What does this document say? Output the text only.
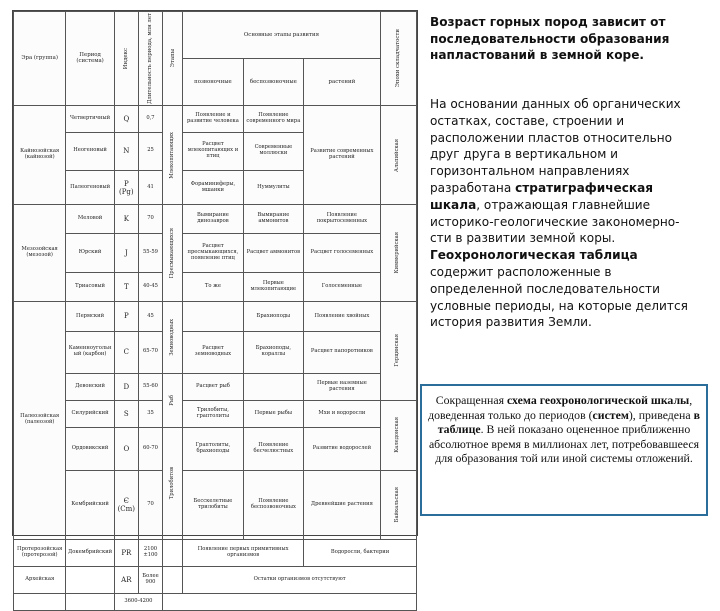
Эра (группа)	Период (система)	Индекс	Длительность периода, млн лет	Этапы	Основные этапы развития			Эпохи складчатости

					позвоночные	беспозвоночные	растений	
Кайнозойская (кайнозой)	Четвертичный	Q	0,7	Млекопитающих	Появление и развитие человека	Появление современного мира	Развитие современных растений	Альпийская

	Неогеновый	N	25		Расцвет млекопитающих и птиц	Современные моллюски		
	Палеогеновый	P (Pg)	41		Фораминиферы, мшанки	Нуммулиты		
Мезозойская (мезозой)	Меловой	K	70	Пресмыкающихся	Вымирание динозавров	Вымирание аммонитов	Появление покрытосеменных	Киммерийская

	Юрский	J	55-59		Расцвет пресмыкающихся, появление птиц	Расцвет аммонитов	Расцвет голосеменных	
	Триасовый	T	40-45		То же	Первые млекопитающие	Голосеменные	
Палеозойская (палеозой)	Пермский	P	45	Земноводных		Брахиоподы	Появление хвойных	Герцинская

	Каменноугольный (карбон)	C	65-70		Расцвет земноводных	Брахиоподы, кораллы	Расцвет папоротников	
	Девонский	D	55-60	Рыб	Расцвет рыб		Первые наземные растения	
	Силурийский	S	35		Трилобиты, граптолиты	Первые рыбы	Мхи и водоросли	Каледонская

	Ордовикский	O	60-70	Трилобитов	Граптолиты, брахиоподы	Появление бесчелюстных	Развитие водорослей	
	Кембрийский	Є (Cm)	70		Бесскелетные трилобиты	Появление беспозвоночных	Древнейшие растения	Байкальская

Протерозойская (протерозой)	Докембрийский	PR	2100 ±100		Появление первых примитивных организмов		Водоросли, бактерии	
Архейская		AR	Более 900		Остатки организмов отсутствуют			
		3600-4200						
Возраст горных пород зависит от последовательности образования напластований в земной коре.
На основании данных об органических остатках, составе, строении и расположении пластов относительно друг друга в вертикальном и горизонтальном направлениях разработана стратиграфическая шкала, отражающая главнейшие историко-геологические закономерно-сти в развитии земной коры. Геохронологическая таблица содержит расположенные в определенной последовательности условные периоды, на которые делится история развития Земли.
Сокращенная схема геохронологической шкалы, доведенная только до периодов (систем), приведена в таблице. В ней показано оцененное приближенно абсолютное время в миллионах лет, потребовавшееся для образования той или иной системы отложений.
